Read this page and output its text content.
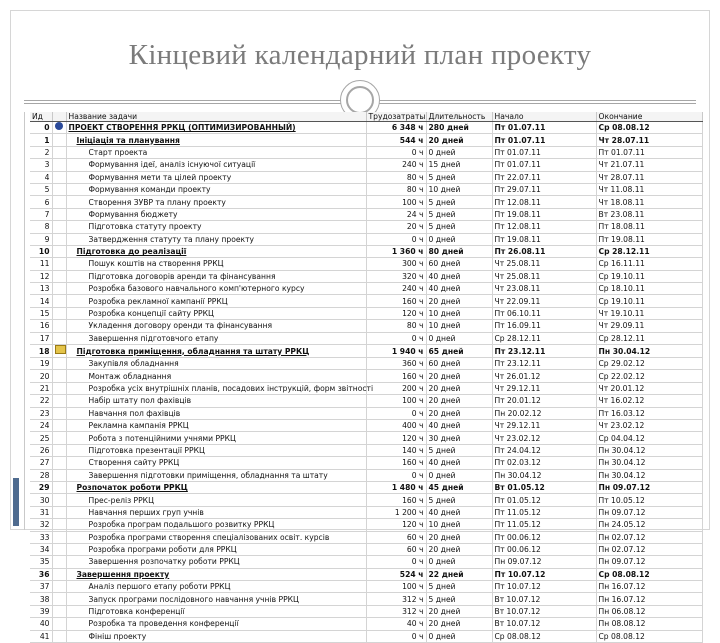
Кінцевий календарний план проекту
Ид		Название задачи	Трудозатраты	Длительность	Начало	Окончание
0		ПРОЕКТ СТВОРЕННЯ РРКЦ (ОПТИМИЗИРОВАННЫЙ)	6 348 ч	280 дней	Пт 01.07.11	Ср 08.08.12
1		Ініціація та планування	544 ч	20 дней	Пт 01.07.11	Чт 28.07.11
2		Старт проекта	0 ч	0 дней	Пт 01.07.11	Пт 01.07.11
3		Формування ідеї, аналіз існуючої ситуації	240 ч	15 дней	Пт 01.07.11	Чт 21.07.11
4		Формування мети та цілей проекту	80 ч	5 дней	Пт 22.07.11	Чт 28.07.11
5		Формування команди проекту	80 ч	10 дней	Пт 29.07.11	Чт 11.08.11
6		Створення ЗУВР та плану проекту	100 ч	5 дней	Пт 12.08.11	Чт 18.08.11
7		Формування бюджету	24 ч	5 дней	Пт 19.08.11	Вт 23.08.11
8		Підготовка статуту проекту	20 ч	5 дней	Пт 12.08.11	Пт 18.08.11
9		Затвердження статуту та плану проекту	0 ч	0 дней	Пт 19.08.11	Пт 19.08.11
10		Підготовка до реалізації	1 360 ч	80 дней	Пт 26.08.11	Ср 28.12.11
11		Пошук коштів на створення РРКЦ	300 ч	60 дней	Чт 25.08.11	Ср 16.11.11
12		Підготовка договорів аренди та фінансування	320 ч	40 дней	Чт 25.08.11	Ср 19.10.11
13		Розробка базового навчального комп'ютерного курсу	240 ч	40 дней	Чт 23.08.11	Ср 18.10.11
14		Розробка рекламної кампанії РРКЦ	160 ч	20 дней	Чт 22.09.11	Ср 19.10.11
15		Розробка концепції сайту РРКЦ	120 ч	10 дней	Пт 06.10.11	Чт 19.10.11
16		Укладення договору оренди та фінансування	80 ч	10 дней	Пт 16.09.11	Чт 29.09.11
17		Завершення підготовчого етапу	0 ч	0 дней	Ср 28.12.11	Ср 28.12.11
18		Підготовка приміщення, обладнання та штату РРКЦ	1 940 ч	65 дней	Пт 23.12.11	Пн 30.04.12
19		Закупівля обладнання	360 ч	60 дней	Пт 23.12.11	Ср 29.02.12
20		Монтаж обладнання	160 ч	20 дней	Чт 26.01.12	Ср 22.02.12
21		Розробка усіх внутрішніх планів, посадових інструкцій, форм звітності	200 ч	20 дней	Чт 29.12.11	Чт 20.01.12
22		Набір штату пол фахівців	100 ч	20 дней	Пт 20.01.12	Чт 16.02.12
23		Навчання пол фахівців	0 ч	20 дней	Пн 20.02.12	Пт 16.03.12
24		Рекламна кампанія РРКЦ	400 ч	40 дней	Чт 29.12.11	Чт 23.02.12
25		Робота з потенційними учнями РРКЦ	120 ч	30 дней	Чт 23.02.12	Ср 04.04.12
26		Підготовка презентації РРКЦ	140 ч	5 дней	Пт 24.04.12	Пн 30.04.12
27		Створення сайту РРКЦ	160 ч	40 дней	Пт 02.03.12	Пн 30.04.12
28		Завершення підготовки приміщення, обладнання та штату	0 ч	0 дней	Пн 30.04.12	Пн 30.04.12
29		Розпочаток роботи РРКЦ	1 480 ч	45 дней	Вт 01.05.12	Пн 09.07.12
30		Прес-реліз РРКЦ	160 ч	5 дней	Пт 01.05.12	Пт 10.05.12
31		Навчання перших груп учнів	1 200 ч	40 дней	Пт 11.05.12	Пн 09.07.12
32		Розробка програм подальшого розвитку РРКЦ	120 ч	10 дней	Пт 11.05.12	Пн 24.05.12
33		Розробка програми створення спеціалізованих освіт. курсів	60 ч	20 дней	Пт 00.06.12	Пн 02.07.12
34		Розробка програми роботи для РРКЦ	60 ч	20 дней	Пт 00.06.12	Пн 02.07.12
35		Завершення розпочатку роботи РРКЦ	0 ч	0 дней	Пн 09.07.12	Пн 09.07.12
36		Завершення проекту	524 ч	22 дней	Пт 10.07.12	Ср 08.08.12
37		Аналіз першого етапу роботи РРКЦ	100 ч	5 дней	Пт 10.07.12	Пн 16.07.12
38		Запуск програми послідовного навчання учнів РРКЦ	312 ч	5 дней	Вт 10.07.12	Пн 16.07.12
39		Підготовка конференції	312 ч	20 дней	Вт 10.07.12	Пн 06.08.12
40		Розробка та проведення конференції	40 ч	20 дней	Вт 10.07.12	Пн 08.08.12
41		Фініш проекту	0 ч	0 дней	Ср 08.08.12	Ср 08.08.12
